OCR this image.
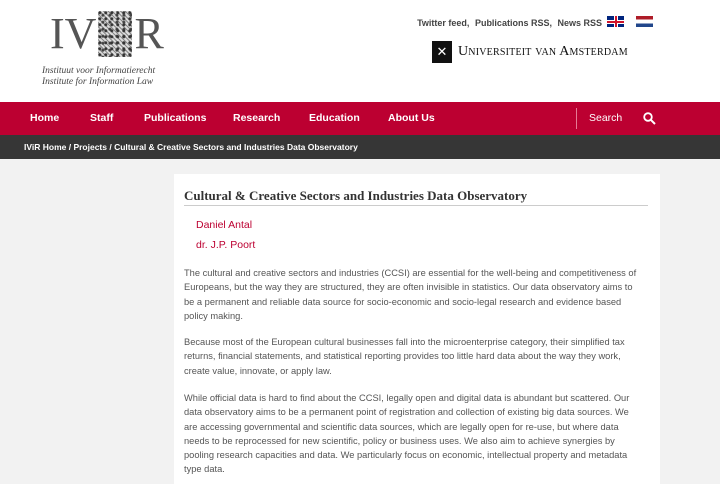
IV R
Instituut voor Informatierecht
Institute for Information Law
Twitter feed, Publications RSS, News RSS
✕ Universiteit van Amsterdam
Home	Staff	Publications	Research	Education	About Us	Search
IViR Home / Projects / Cultural & Creative Sectors and Industries Data Observatory
Cultural & Creative Sectors and Industries Data Observatory
Daniel Antal
dr. J.P. Poort

The cultural and creative sectors and industries (CCSI) are essential for the well-being and competitiveness of Europeans, but the way they are structured, they are often invisible in statistics. Our data observatory aims to be a permanent and reliable data source for socio-economic and socio-legal research and evidence based policy making.

Because most of the European cultural businesses fall into the microenterprise category, their simplified tax returns, financial statements, and statistical reporting provides too little hard data about the way they work, create value, innovate, or apply law.

While official data is hard to find about the CCSI, legally open and digital data is abundant but scattered. Our data observatory aims to be a permanent point of registration and collection of existing big data sources. We are accessing governmental and scientific data sources, which are legally open for re-use, but where data needs to be reprocessed for new scientific, policy or business uses. We also aim to achieve synergies by pooling research capacities and data. We particularly focus on economic, intellectual property and metadata type data.
